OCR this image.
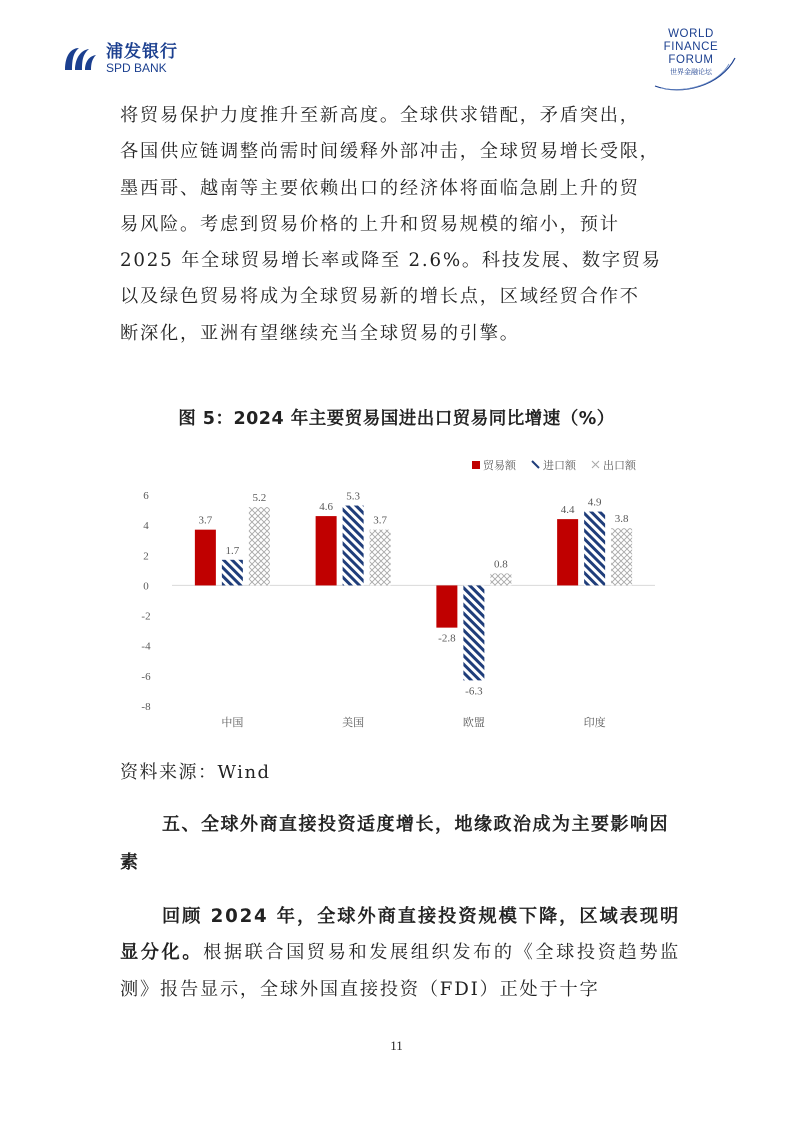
浦发银行
SPD BANK
WORLD
FINANCE
FORUM
世界金融论坛

将贸易保护力度推升至新高度。全球供求错配，矛盾突出，

各国供应链调整尚需时间缓释外部冲击，全球贸易增长受限，

墨西哥、越南等主要依赖出口的经济体将面临急剧上升的贸

易风险。考虑到贸易价格的上升和贸易规模的缩小，预计

2025 年全球贸易增长率或降至 2.6%。科技发展、数字贸易

以及绿色贸易将成为全球贸易新的增长点，区域经贸合作不

断深化，亚洲有望继续充当全球贸易的引擎。

图 5：2024 年主要贸易国进出口贸易同比增速（%）
6
4
2
0
-2
-4
-6
-8
3.7
1.7
5.2
中国
4.6
5.3
3.7
美国
-2.8
-6.3
0.8
欧盟
4.4
4.9
3.8
印度
贸易额 进口额 出口额
资料来源：Wind
五、全球外商直接投资适度增长，地缘政治成为主要影响因素
回顾 2024 年，全球外商直接投资规模下降，区域表现明显分化。根据联合国贸易和发展组织发布的《全球投资趋势监测》报告显示，全球外国直接投资（FDI）正处于十字
11
